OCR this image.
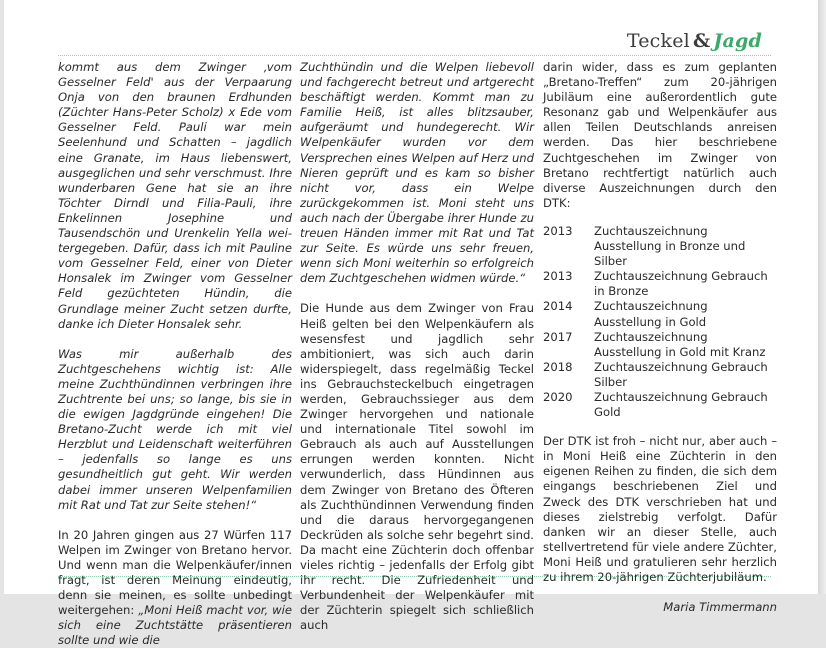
Teckel & Jagd

kommt aus dem Zwinger ‚vom Gesselner Feld' aus der Verpaarung Onja von den braunen Erdhunden (Züchter Hans-Peter Scholz) x Ede vom Gesselner Feld. Pauli war mein Seelenhund und Schatten – jagdlich eine Granate, im Haus liebenswert, ausgeglichen und sehr verschmust. Ihre wunderbaren Gene hat sie an ihre Töchter Dirndl und Filia-Pauli, ihre Enkelinnen Josephine und Tausendschön und Urenkelin Yella weitergegeben. Dafür, dass ich mit Pauline vom Gesselner Feld, einer von Dieter Honsalek im Zwinger vom Gesselner Feld gezüchteten Hündin, die Grundlage meiner Zucht setzen durfte, danke ich Dieter Honsalek sehr.

Was mir außerhalb des Zuchtgeschehens wichtig ist: Alle meine Zuchthündinnen verbringen ihre Zuchtrente bei uns; so lange, bis sie in die ewigen Jagdgründe eingehen! Die Bretano-Zucht werde ich mit viel Herzblut und Leidenschaft weiterführen – jedenfalls so lange es uns gesundheitlich gut geht. Wir werden dabei immer unseren Welpenfamilien mit Rat und Tat zur Seite stehen!“

In 20 Jahren gingen aus 27 Würfen 117 Welpen im Zwinger von Bretano hervor. Und wenn man die Welpenkäufer/innen fragt, ist deren Meinung eindeutig, denn sie meinen, es sollte unbedingt weitergehen: „Moni Heiß macht vor, wie sich eine Zuchtstätte präsentieren sollte und wie die

Zuchthündin und die Welpen liebevoll und fachgerecht betreut und artgerecht beschäftigt werden. Kommt man zu Familie Heiß, ist alles blitzsauber, aufgeräumt und hundegerecht. Wir Welpenkäufer wurden vor dem Versprechen eines Welpen auf Herz und Nieren geprüft und es kam so bisher nicht vor, dass ein Welpe zurückgekommen ist. Moni steht uns auch nach der Übergabe ihrer Hunde zu treuen Händen immer mit Rat und Tat zur Seite. Es würde uns sehr freuen, wenn sich Moni weiterhin so erfolgreich dem Zuchtgeschehen widmen würde.“

Die Hunde aus dem Zwinger von Frau Heiß gelten bei den Welpenkäufern als wesensfest und jagdlich sehr ambitioniert, was sich auch darin widerspiegelt, dass regelmäßig Teckel ins Gebrauchsteckelbuch eingetragen werden, Gebrauchssieger aus dem Zwinger hervorgehen und nationale und internationale Titel sowohl im Gebrauch als auch auf Ausstellungen errungen werden konnten. Nicht verwunderlich, dass Hündinnen aus dem Zwinger von Bretano des Öfteren als Zuchthündinnen Verwendung finden und die daraus hervorgegangenen Deckrüden als solche sehr begehrt sind. Da macht eine Züchterin doch offenbar vieles richtig – jedenfalls der Erfolg gibt ihr recht. Die Zufriedenheit und Verbundenheit der Welpenkäufer mit der Züchterin spiegelt sich schließlich auch

darin wider, dass es zum geplanten „Bretano-Treffen“ zum 20-jährigen Jubiläum eine außerordentlich gute Resonanz gab und Welpenkäufer aus allen Teilen Deutschlands anreisen werden. Das hier beschriebene Zuchtgeschehen im Zwinger von Bretano rechtfertigt natürlich auch diverse Auszeichnungen durch den DTK:

2013	Zuchtauszeichnung Ausstellung in Bronze und Silber
2013	Zuchtauszeichnung Gebrauch in Bronze
2014	Zuchtauszeichnung Ausstellung in Gold
2017	Zuchtauszeichnung Ausstellung in Gold mit Kranz
2018	Zuchtauszeichnung Gebrauch Silber
2020	Zuchtauszeichnung Gebrauch Gold

Der DTK ist froh – nicht nur, aber auch – in Moni Heiß eine Züchterin in den eigenen Reihen zu finden, die sich dem eingangs beschriebenen Ziel und Zweck des DTK verschrieben hat und dieses zielstrebig verfolgt. Dafür danken wir an dieser Stelle, auch stellvertretend für viele andere Züchter, Moni Heiß und gratulieren sehr herzlich zu ihrem 20-jährigen Züchterjubiläum.

Maria Timmermann
